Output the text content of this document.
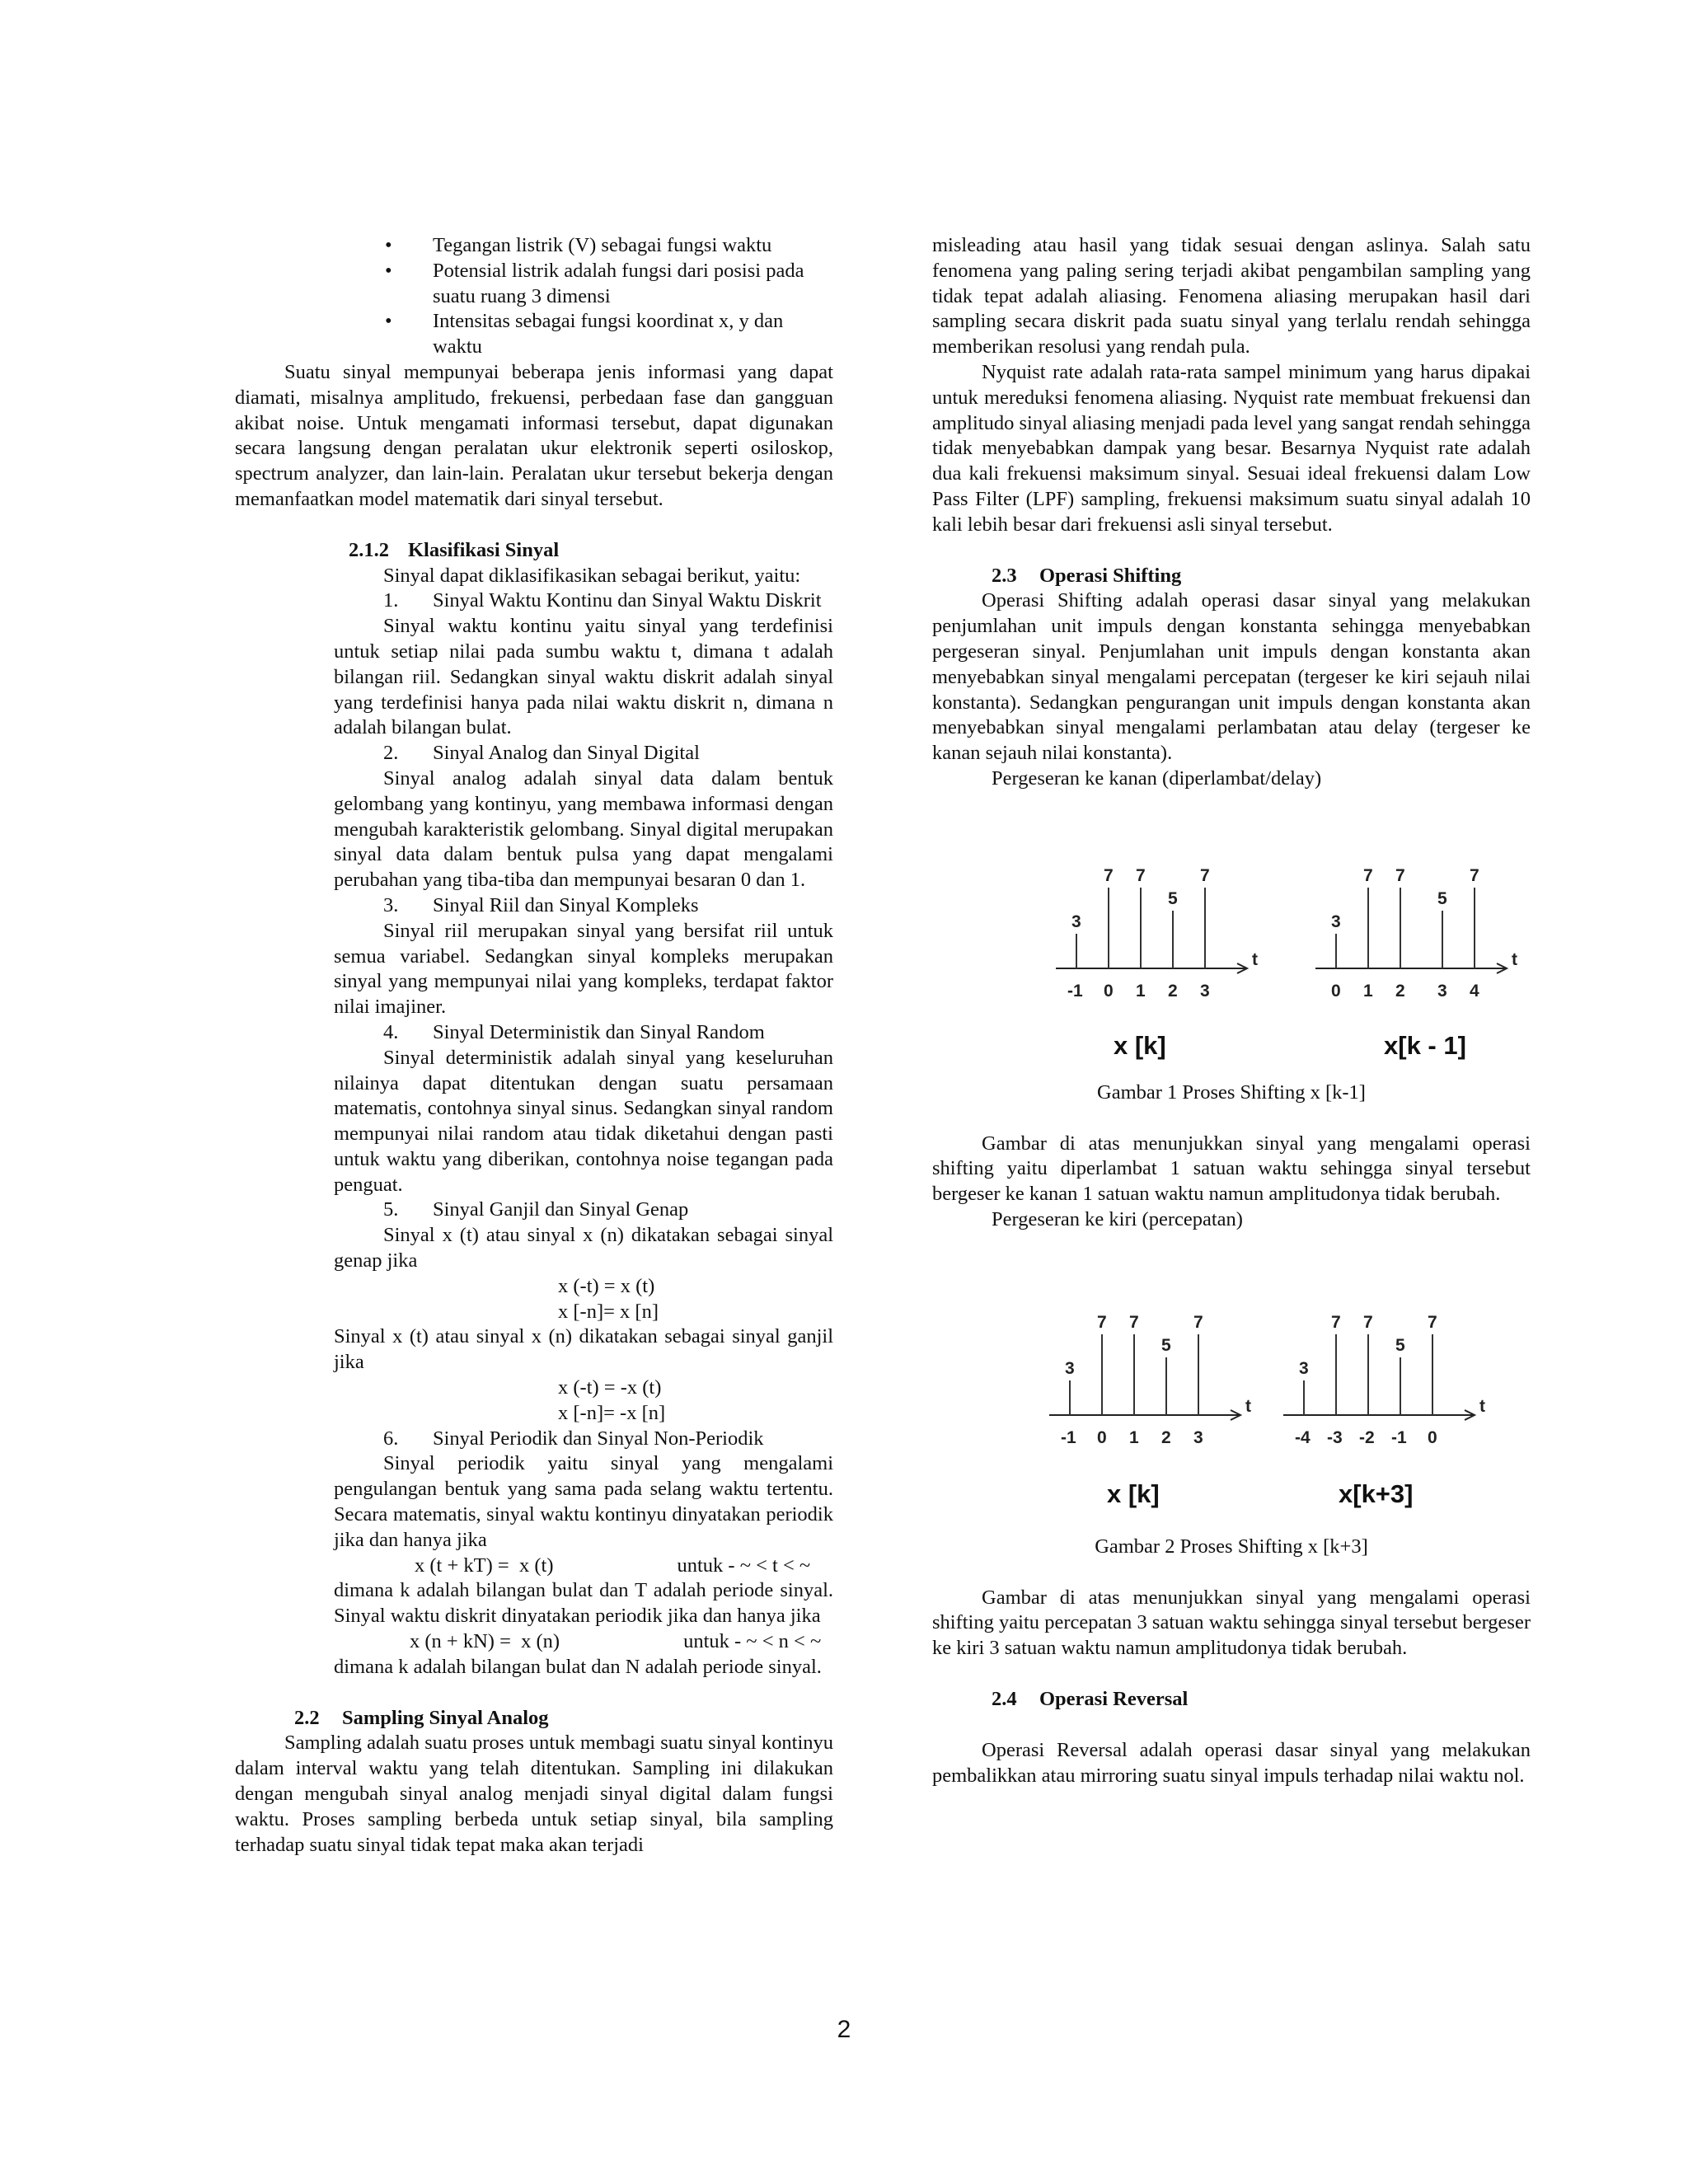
• Tegangan listrik (V) sebagai fungsi waktu

• Potensial listrik adalah fungsi dari posisi pada suatu ruang 3 dimensi

• Intensitas sebagai fungsi koordinat x, y dan waktu

Suatu sinyal mempunyai beberapa jenis informasi yang dapat diamati, misalnya amplitudo, frekuensi, perbedaan fase dan gangguan akibat noise. Untuk mengamati informasi tersebut, dapat digunakan secara langsung dengan peralatan ukur elektronik seperti osiloskop, spectrum analyzer, dan lain-lain. Peralatan ukur tersebut bekerja dengan memanfaatkan model matematik dari sinyal tersebut.

2.1.2 Klasifikasi Sinyal

Sinyal dapat diklasifikasikan sebagai berikut, yaitu:

1. Sinyal Waktu Kontinu dan Sinyal Waktu Diskrit

Sinyal waktu kontinu yaitu sinyal yang terdefinisi untuk setiap nilai pada sumbu waktu t, dimana t adalah bilangan riil. Sedangkan sinyal waktu diskrit adalah sinyal yang terdefinisi hanya pada nilai waktu diskrit n, dimana n adalah bilangan bulat.

2. Sinyal Analog dan Sinyal Digital

Sinyal analog adalah sinyal data dalam bentuk gelombang yang kontinyu, yang membawa informasi dengan mengubah karakteristik gelombang. Sinyal digital merupakan sinyal data dalam bentuk pulsa yang dapat mengalami perubahan yang tiba-tiba dan mempunyai besaran 0 dan 1.

3. Sinyal Riil dan Sinyal Kompleks

Sinyal riil merupakan sinyal yang bersifat riil untuk semua variabel. Sedangkan sinyal kompleks merupakan sinyal yang mempunyai nilai yang kompleks, terdapat faktor nilai imajiner.

4. Sinyal Deterministik dan Sinyal Random

Sinyal deterministik adalah sinyal yang keseluruhan nilainya dapat ditentukan dengan suatu persamaan matematis, contohnya sinyal sinus. Sedangkan sinyal random mempunyai nilai random atau tidak diketahui dengan pasti untuk waktu yang diberikan, contohnya noise tegangan pada penguat.

5. Sinyal Ganjil dan Sinyal Genap

Sinyal x (t) atau sinyal x (n) dikatakan sebagai sinyal genap jika

x (-t) = x (t)

x [-n]= x [n]

Sinyal x (t) atau sinyal x (n) dikatakan sebagai sinyal ganjil jika

x (-t) = -x (t)

x [-n]= -x [n]

6. Sinyal Periodik dan Sinyal Non-Periodik

Sinyal periodik yaitu sinyal yang mengalami pengulangan bentuk yang sama pada selang waktu tertentu. Secara matematis, sinyal waktu kontinyu dinyatakan periodik jika dan hanya jika

x (t + kT) =  x (t)	untuk - ~ < t < ~

dimana k adalah bilangan bulat dan T adalah periode sinyal. Sinyal waktu diskrit dinyatakan periodik jika dan hanya jika

x (n + kN) =  x (n)	untuk - ~ < n < ~

dimana k adalah bilangan bulat dan N adalah periode sinyal.

2.2 Sampling Sinyal Analog

Sampling adalah suatu proses untuk membagi suatu sinyal kontinyu dalam interval waktu yang telah ditentukan. Sampling ini dilakukan dengan mengubah sinyal analog menjadi sinyal digital dalam fungsi waktu. Proses sampling berbeda untuk setiap sinyal, bila sampling terhadap suatu sinyal tidak tepat maka akan terjadi

misleading atau hasil yang tidak sesuai dengan aslinya. Salah satu fenomena yang paling sering terjadi akibat pengambilan sampling yang tidak tepat adalah aliasing. Fenomena aliasing merupakan hasil dari sampling secara diskrit pada suatu sinyal yang terlalu rendah sehingga memberikan resolusi yang rendah pula.

Nyquist rate adalah rata-rata sampel minimum yang harus dipakai untuk mereduksi fenomena aliasing. Nyquist rate membuat frekuensi dan amplitudo sinyal aliasing menjadi pada level yang sangat rendah sehingga tidak menyebabkan dampak yang besar. Besarnya Nyquist rate adalah dua kali frekuensi maksimum sinyal. Sesuai ideal frekuensi dalam Low Pass Filter (LPF) sampling, frekuensi maksimum suatu sinyal adalah 10 kali lebih besar dari frekuensi asli sinyal tersebut.

2.3 Operasi Shifting

Operasi Shifting adalah operasi dasar sinyal yang melakukan penjumlahan unit impuls dengan konstanta sehingga menyebabkan pergeseran sinyal. Penjumlahan unit impuls dengan konstanta akan menyebabkan sinyal mengalami percepatan (tergeser ke kiri sejauh nilai konstanta). Sedangkan pengurangan unit impuls dengan konstanta akan menyebabkan sinyal mengalami perlambatan atau delay (tergeser ke kanan sejauh nilai konstanta).

Pergeseran ke kanan (diperlambat/delay)

t
3
-1
7
0
7
1
5
2
7
3
x [k]
t
3
0
7
1
7
2
5
3
7
4
x[k - 1]

Gambar 1 Proses Shifting x [k-1]

Gambar di atas menunjukkan sinyal yang mengalami operasi shifting yaitu diperlambat 1 satuan waktu sehingga sinyal tersebut bergeser ke kanan 1 satuan waktu namun amplitudonya tidak berubah.

Pergeseran ke kiri (percepatan)

t
3
-1
7
0
7
1
5
2
7
3
x [k]
t
3
-4
7
-3
7
-2
5
-1
7
0
x[k+3]

Gambar 2 Proses Shifting x [k+3]

Gambar di atas menunjukkan sinyal yang mengalami operasi shifting yaitu percepatan 3 satuan waktu sehingga sinyal tersebut bergeser ke kiri 3 satuan waktu namun amplitudonya tidak berubah.

2.4 Operasi Reversal

Operasi Reversal adalah operasi dasar sinyal yang melakukan pembalikkan atau mirroring suatu sinyal impuls terhadap nilai waktu nol.

2
